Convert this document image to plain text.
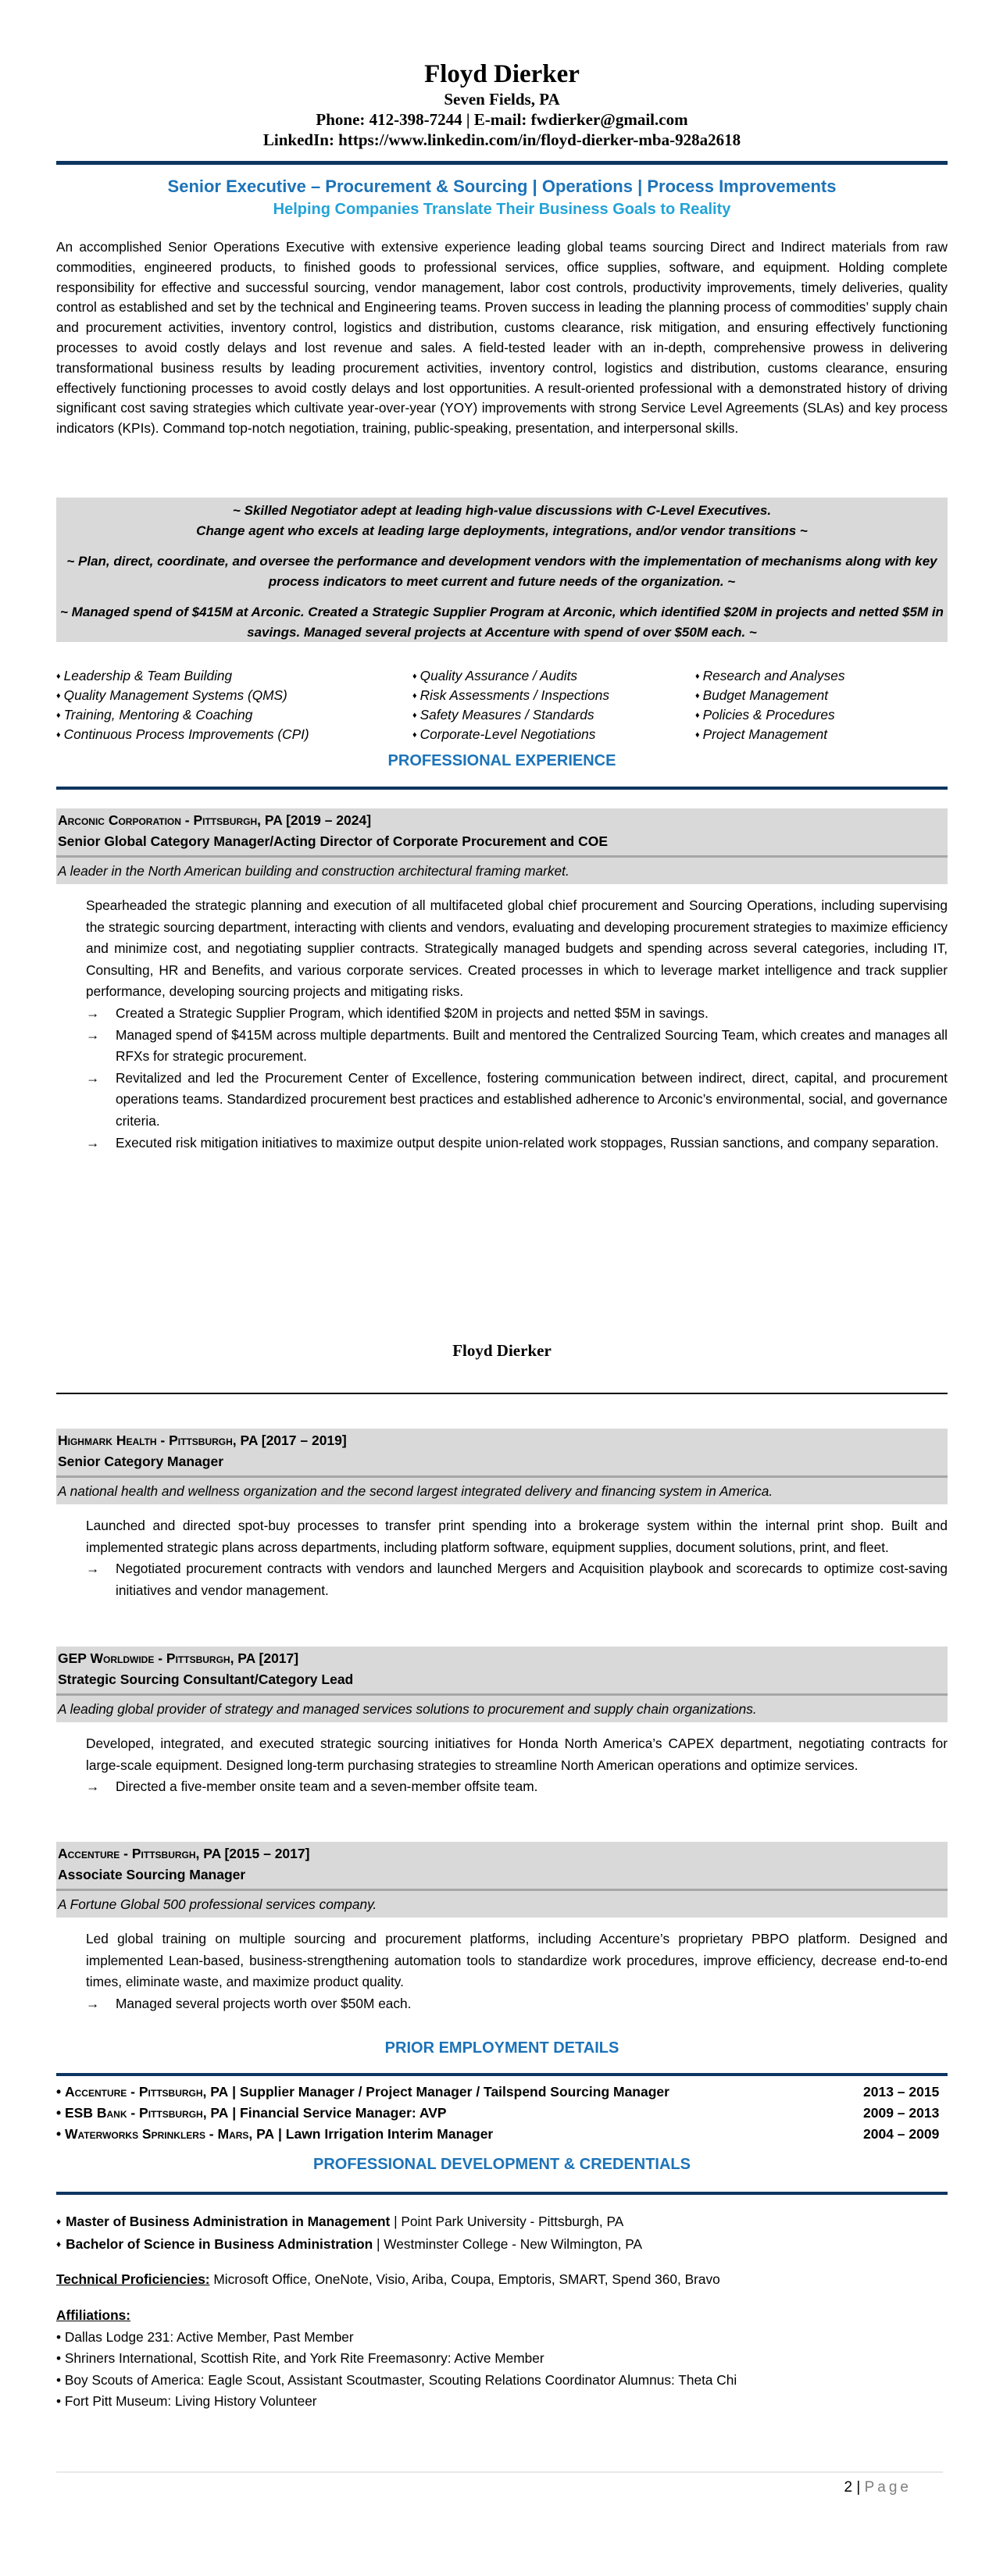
Floyd Dierker
Seven Fields, PA
Phone: 412-398-7244 | E-mail: fwdierker@gmail.com
LinkedIn: https://www.linkedin.com/in/floyd-dierker-mba-928a2618
Senior Executive – Procurement & Sourcing | Operations | Process Improvements
Helping Companies Translate Their Business Goals to Reality
An accomplished Senior Operations Executive with extensive experience leading global teams sourcing Direct and Indirect materials from raw commodities, engineered products, to finished goods to professional services, office supplies, software, and equipment. Holding complete responsibility for effective and successful sourcing, vendor management, labor cost controls, productivity improvements, timely deliveries, quality control as established and set by the technical and Engineering teams. Proven success in leading the planning process of commodities’ supply chain and procurement activities, inventory control, logistics and distribution, customs clearance, risk mitigation, and ensuring effectively functioning processes to avoid costly delays and lost revenue and sales. A field-tested leader with an in-depth, comprehensive prowess in delivering transformational business results by leading procurement activities, inventory control, logistics and distribution, customs clearance, ensuring effectively functioning processes to avoid costly delays and lost opportunities. A result-oriented professional with a demonstrated history of driving significant cost saving strategies which cultivate year-over-year (YOY) improvements with strong Service Level Agreements (SLAs) and key process indicators (KPIs). Command top-notch negotiation, training, public-speaking, presentation, and interpersonal skills.
~ Skilled Negotiator adept at leading high-value discussions with C-Level Executives.
Change agent who excels at leading large deployments, integrations, and/or vendor transitions ~
~ Plan, direct, coordinate, and oversee the performance and development vendors with the implementation of mechanisms along with key process indicators to meet current and future needs of the organization. ~
~ Managed spend of $415M at Arconic. Created a Strategic Supplier Program at Arconic, which identified $20M in projects and netted $5M in savings. Managed several projects at Accenture with spend of over $50M each. ~
♦ Leadership & Team Building
♦ Quality Management Systems (QMS)
♦ Training, Mentoring & Coaching
♦ Continuous Process Improvements (CPI)
♦ Quality Assurance / Audits
♦ Risk Assessments / Inspections
♦ Safety Measures / Standards
♦ Corporate-Level Negotiations
♦ Research and Analyses
♦ Budget Management
♦ Policies & Procedures
♦ Project Management
PROFESSIONAL EXPERIENCE
Arconic Corporation - Pittsburgh, PA [2019 – 2024]
Senior Global Category Manager/Acting Director of Corporate Procurement and COE
A leader in the North American building and construction architectural framing market.
Spearheaded the strategic planning and execution of all multifaceted global chief procurement and Sourcing Operations, including supervising the strategic sourcing department, interacting with clients and vendors, evaluating and developing procurement strategies to maximize efficiency and minimize cost, and negotiating supplier contracts. Strategically managed budgets and spending across several categories, including IT, Consulting, HR and Benefits, and various corporate services. Created processes in which to leverage market intelligence and track supplier performance, developing sourcing projects and mitigating risks.
→	Created a Strategic Supplier Program, which identified $20M in projects and netted $5M in savings.
→	Managed spend of $415M across multiple departments. Built and mentored the Centralized Sourcing Team, which creates and manages all RFXs for strategic procurement.
→	Revitalized and led the Procurement Center of Excellence, fostering communication between indirect, direct, capital, and procurement operations teams. Standardized procurement best practices and established adherence to Arconic’s environmental, social, and governance criteria.
→	Executed risk mitigation initiatives to maximize output despite union-related work stoppages, Russian sanctions, and company separation.
Floyd Dierker
Highmark Health - Pittsburgh, PA [2017 – 2019]
Senior Category Manager
A national health and wellness organization and the second largest integrated delivery and financing system in America.
Launched and directed spot-buy processes to transfer print spending into a brokerage system within the internal print shop. Built and implemented strategic plans across departments, including platform software, equipment supplies, document solutions, print, and fleet.
→	Negotiated procurement contracts with vendors and launched Mergers and Acquisition playbook and scorecards to optimize cost-saving initiatives and vendor management.
GEP Worldwide - Pittsburgh, PA [2017]
Strategic Sourcing Consultant/Category Lead
A leading global provider of strategy and managed services solutions to procurement and supply chain organizations.
Developed, integrated, and executed strategic sourcing initiatives for Honda North America’s CAPEX department, negotiating contracts for large-scale equipment. Designed long-term purchasing strategies to streamline North American operations and optimize services.
→	Directed a five-member onsite team and a seven-member offsite team.
Accenture - Pittsburgh, PA [2015 – 2017]
Associate Sourcing Manager
A Fortune Global 500 professional services company.
Led global training on multiple sourcing and procurement platforms, including Accenture’s proprietary PBPO platform. Designed and implemented Lean-based, business-strengthening automation tools to standardize work procedures, improve efficiency, decrease end-to-end times, eliminate waste, and maximize product quality.
→	Managed several projects worth over $50M each.
PRIOR EMPLOYMENT DETAILS
• Accenture - Pittsburgh, PA | Supplier Manager / Project Manager / Tailspend Sourcing Manager	2013 – 2015
• ESB Bank - Pittsburgh, PA | Financial Service Manager: AVP	2009 – 2013
• Waterworks Sprinklers - Mars, PA | Lawn Irrigation Interim Manager	2004 – 2009
PROFESSIONAL DEVELOPMENT & CREDENTIALS
♦ Master of Business Administration in Management | Point Park University - Pittsburgh, PA
♦ Bachelor of Science in Business Administration | Westminster College - New Wilmington, PA
Technical Proficiencies: Microsoft Office, OneNote, Visio, Ariba, Coupa, Emptoris, SMART, Spend 360, Bravo
Affiliations:
• Dallas Lodge 231: Active Member, Past Member
• Shriners International, Scottish Rite, and York Rite Freemasonry: Active Member
• Boy Scouts of America: Eagle Scout, Assistant Scoutmaster, Scouting Relations Coordinator Alumnus: Theta Chi
• Fort Pitt Museum: Living History Volunteer
2 | Page
